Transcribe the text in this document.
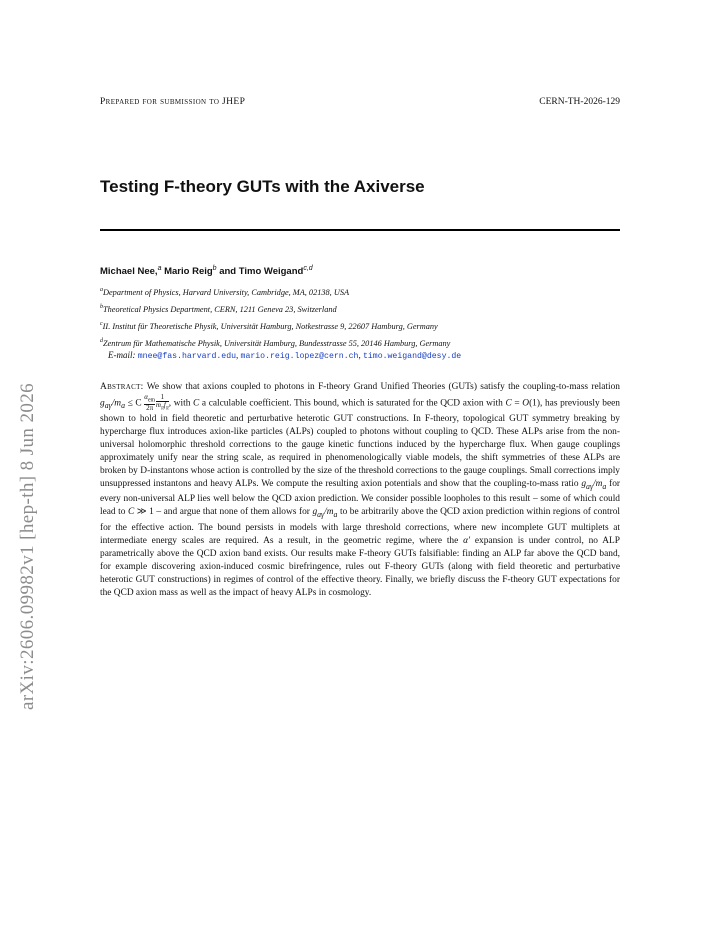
Prepared for submission to JHEP	CERN-TH-2026-129
Testing F-theory GUTs with the Axiverse
Michael Nee,$^a$ Mario Reig$^b$ and Timo Weigand$^{c,d}$
$^a$Department of Physics, Harvard University, Cambridge, MA, 02138, USA
$^b$Theoretical Physics Department, CERN, 1211 Geneva 23, Switzerland
$^c$II. Institut für Theoretische Physik, Universität Hamburg, Notkestrasse 9, 22607 Hamburg, Germany
$^d$Zentrum für Mathematische Physik, Universität Hamburg, Bundesstrasse 55, 20146 Hamburg, Germany
E-mail: mnee@fas.harvard.edu, mario.reig.lopez@cern.ch, timo.weigand@desy.de
Abstract: We show that axions coupled to photons in F-theory Grand Unified Theories (GUTs) satisfy the coupling-to-mass relation $g_{a\gamma}/m_a \le C$
$\alpha_{em}$
2π

1
$m_\pi f_\pi$
, with C a calculable coefficient. This bound, which is saturated for the QCD axion with C = O(1), has previously been shown to hold in field theoretic and perturbative heterotic GUT constructions. In F-theory, topological GUT symmetry breaking by hypercharge flux introduces axion-like particles (ALPs) coupled to photons without coupling to QCD. These ALPs arise from the non-universal holomorphic threshold corrections to the gauge kinetic functions induced by the hypercharge flux. When gauge couplings approximately unify near the string scale, as required in phenomenologically viable models, the shift symmetries of these ALPs are broken by D-instantons whose action is controlled by the size of the threshold corrections to the gauge couplings. Small corrections imply unsuppressed instantons and heavy ALPs. We compute the resulting axion potentials and show that the coupling-to-mass ratio $g_{a\gamma}/m_a$ for every non-universal ALP lies well below the QCD axion prediction. We consider possible loopholes to this result – some of which could lead to C ≫ 1 – and argue that none of them allows for $g_{a\gamma}/m_a$ to be arbitrarily above the QCD axion prediction within regions of control for the effective action. The bound persists in models with large threshold corrections, where new incomplete GUT multiplets at intermediate energy scales are required. As a result, in the geometric regime, where the α′ expansion is under control, no ALP parametrically above the QCD axion band exists. Our results make F-theory GUTs falsifiable: finding an ALP far above the QCD band, for example discovering axion-induced cosmic birefringence, rules out F-theory GUTs (along with field theoretic and perturbative heterotic GUT constructions) in regimes of control of the effective theory. Finally, we briefly discuss the F-theory GUT expectations for the QCD axion mass as well as the impact of heavy ALPs in cosmology.
arXiv:2606.09982v1 [hep-th] 8 Jun 2026
